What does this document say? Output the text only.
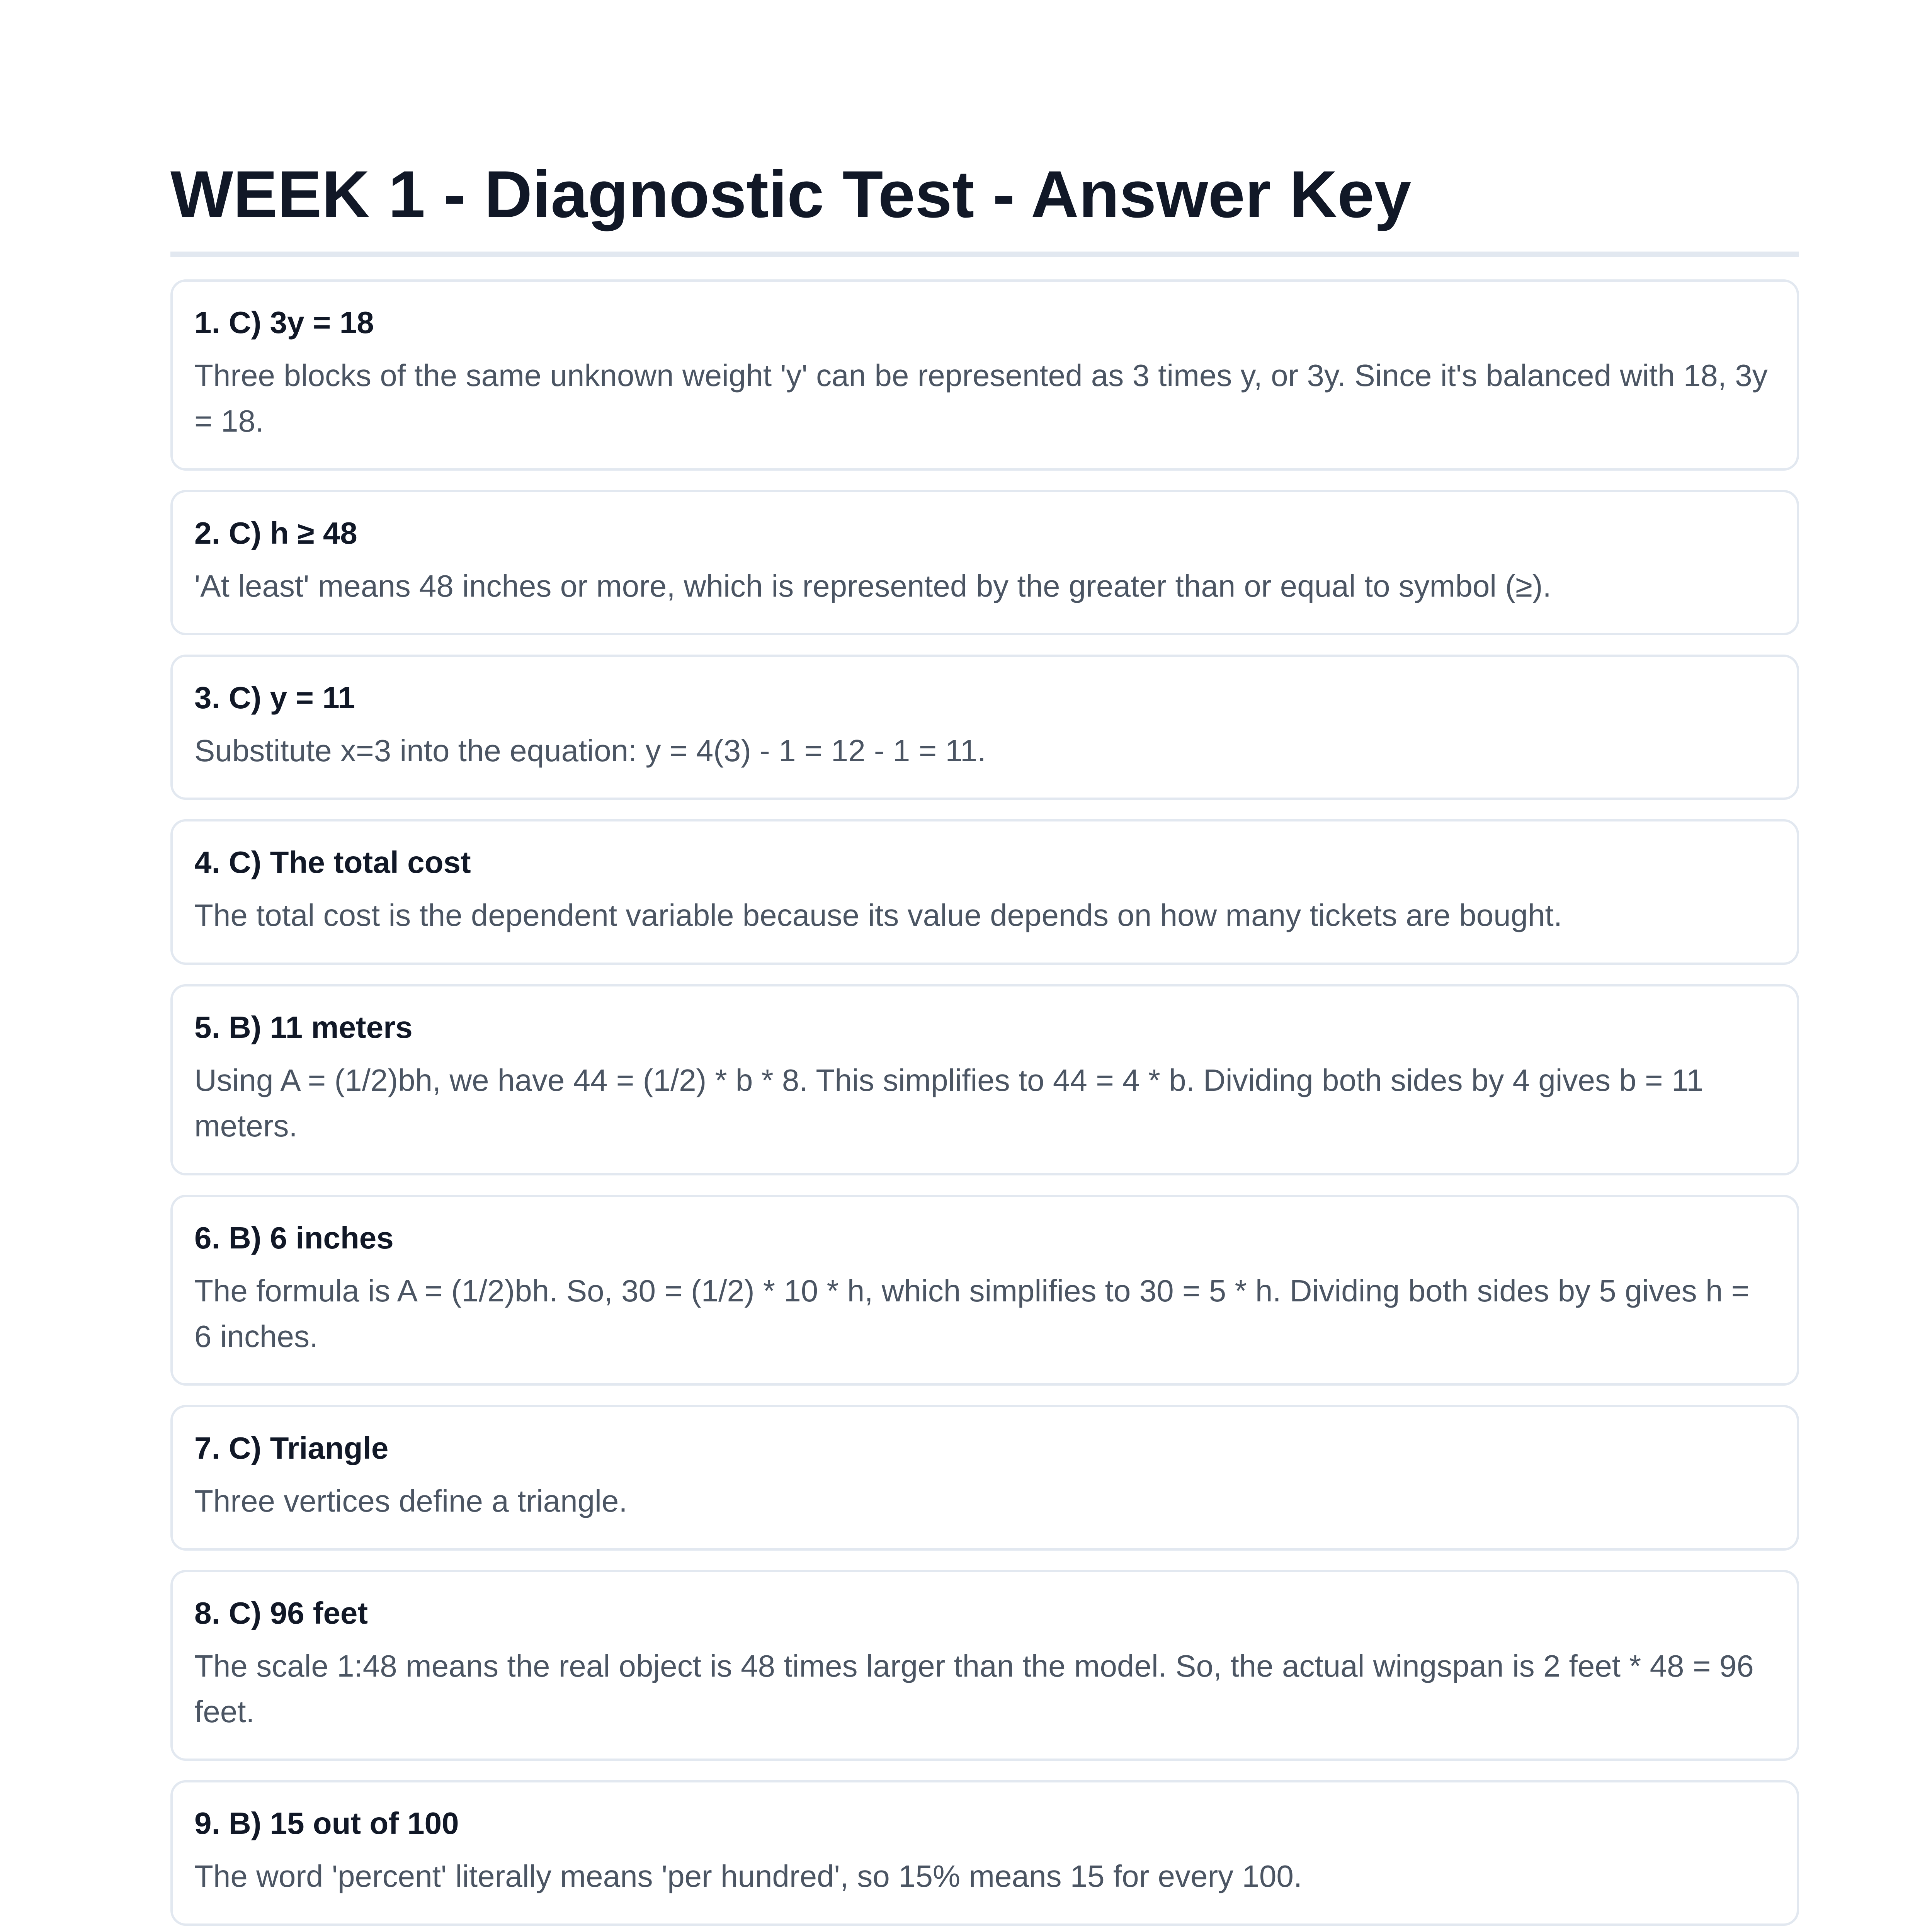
WEEK 1 - Diagnostic Test - Answer Key

1. C) 3y = 18

Three blocks of the same unknown weight 'y' can be represented as 3 times y, or 3y. Since it's balanced with 18, 3y = 18.

2. C) h ≥ 48

'At least' means 48 inches or more, which is represented by the greater than or equal to symbol (≥).

3. C) y = 11

Substitute x=3 into the equation: y = 4(3) - 1 = 12 - 1 = 11.

4. C) The total cost

The total cost is the dependent variable because its value depends on how many tickets are bought.

5. B) 11 meters

Using A = (1/2)bh, we have 44 = (1/2) * b * 8. This simplifies to 44 = 4 * b. Dividing both sides by 4 gives b = 11 meters.

6. B) 6 inches

The formula is A = (1/2)bh. So, 30 = (1/2) * 10 * h, which simplifies to 30 = 5 * h. Dividing both sides by 5 gives h = 6 inches.

7. C) Triangle

Three vertices define a triangle.

8. C) 96 feet

The scale 1:48 means the real object is 48 times larger than the model. So, the actual wingspan is 2 feet * 48 = 96 feet.

9. B) 15 out of 100

The word 'percent' literally means 'per hundred', so 15% means 15 for every 100.
